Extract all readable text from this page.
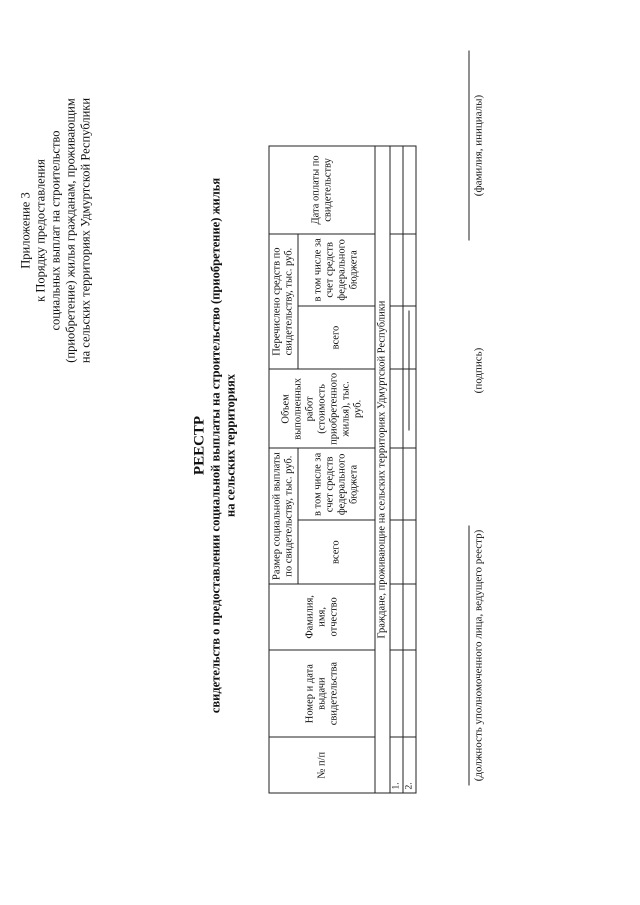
Приложение 3 к Порядку предоставления социальных выплат на строительство (приобретение) жилья гражданам, проживающим на сельских территориях Удмуртской Республики
РЕЕСТР свидетельств о предоставлении социальной выплаты на строительство (приобретение) жилья на сельских территориях
№ п/п	Номер и дата выдачи свидетельства	Фамилия, имя, отчество	Размер социальной выплаты по свидетельству, тыс. руб.		Объем выполненных работ (стоимость приобретенного жилья), тыс. руб.	Перечислено средств по свидетельству, тыс. руб.		Дата оплаты по свидетельству
			всего	в том числе за счет средств федерального бюджета		всего	в том числе за счет средств федерального бюджета	
Граждане, проживающие на сельских территориях Удмуртской Республики								
1.								
2.								
(должность уполномоченного лица, ведущего реестр)
(подпись)
(фамилия, инициалы)
